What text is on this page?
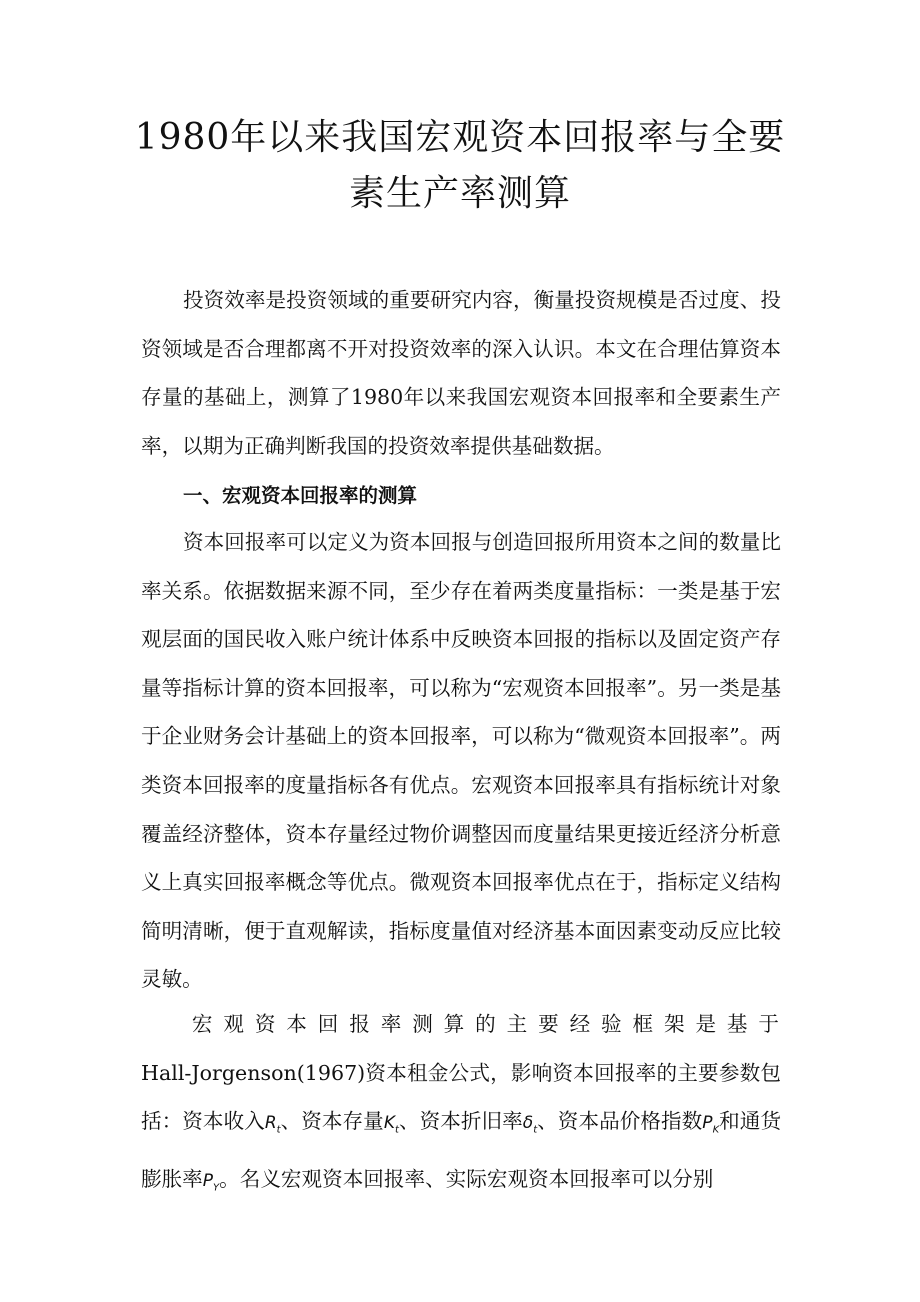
1980年以来我国宏观资本回报率与全要
素生产率测算
投资效率是投资领域的重要研究内容，衡量投资规模是否过度、投资领域是否合理都离不开对投资效率的深入认识。本文在合理估算资本存量的基础上，测算了1980年以来我国宏观资本回报率和全要素生产率，以期为正确判断我国的投资效率提供基础数据。
一、宏观资本回报率的测算
资本回报率可以定义为资本回报与创造回报所用资本之间的数量比率关系。依据数据来源不同，至少存在着两类度量指标：一类是基于宏观层面的国民收入账户统计体系中反映资本回报的指标以及固定资产存量等指标计算的资本回报率，可以称为“宏观资本回报率”。另一类是基于企业财务会计基础上的资本回报率，可以称为“微观资本回报率”。两类资本回报率的度量指标各有优点。宏观资本回报率具有指标统计对象覆盖经济整体，资本存量经过物价调整因而度量结果更接近经济分析意义上真实回报率概念等优点。微观资本回报率优点在于，指标定义结构简明清晰，便于直观解读，指标度量值对经济基本面因素变动反应比较灵敏。
宏观资本回报率测算的主要经验框架是基于
Hall-Jorgenson(1967)资本租金公式，影响资本回报率的主要参数包括：资本收入$R_t$、资本存量$K_t$、资本折旧率$\delta_t$、资本品价格指数$P_K$和通货膨胀率$P_Y$。名义宏观资本回报率、实际宏观资本回报率可以分别
